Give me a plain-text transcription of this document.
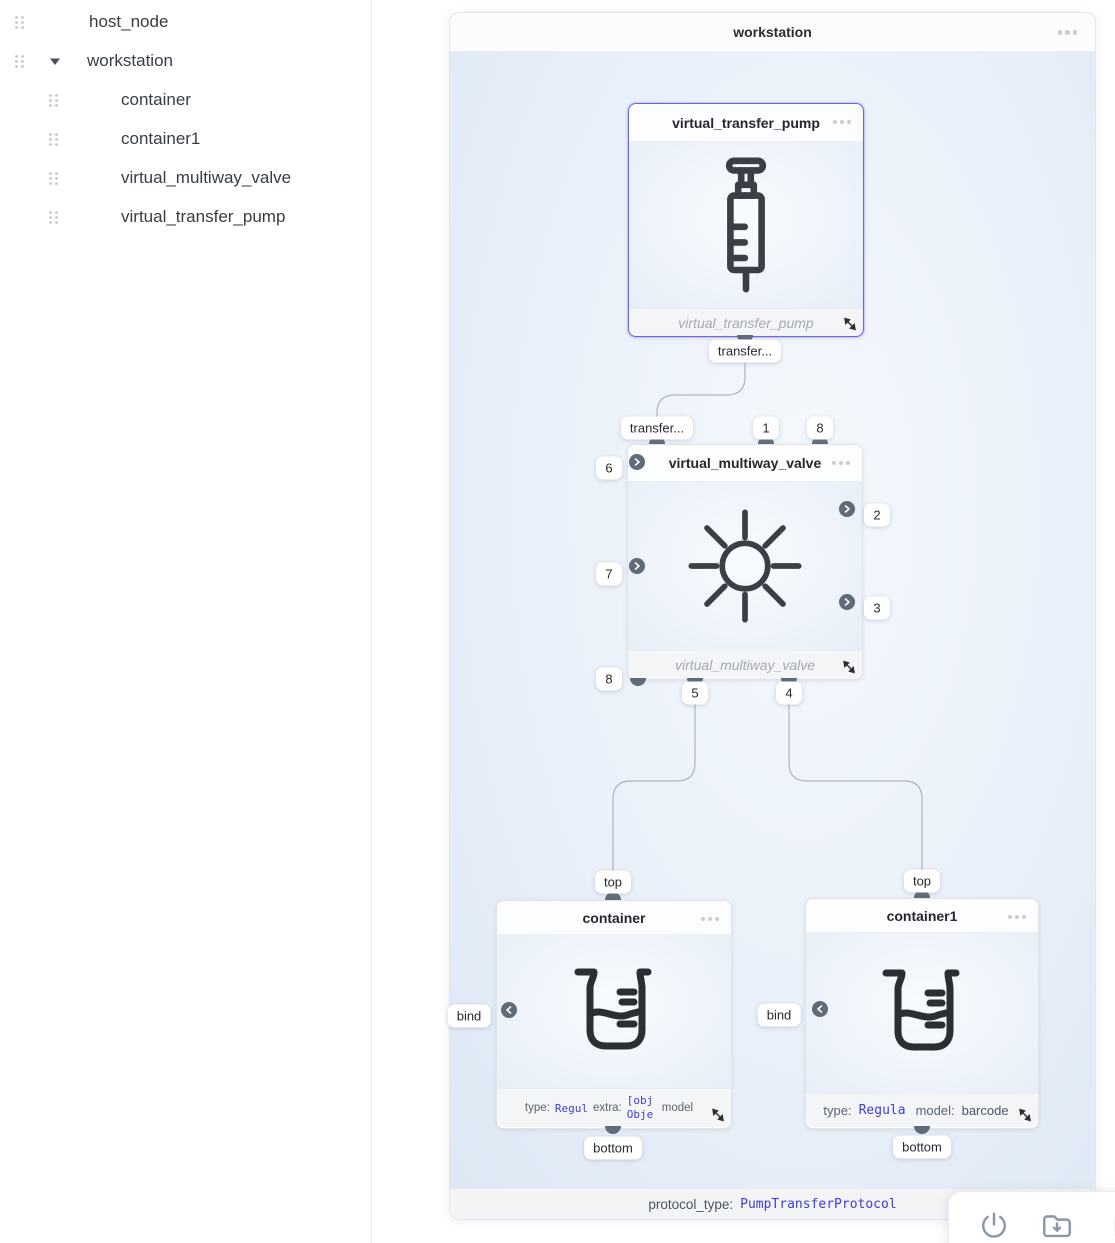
host_node
workstation
container
container1
virtual_multiway_valve
virtual_transfer_pump
workstation
protocol_type: PumpTransferProtocol
virtual_transfer_pump
virtual_transfer_pump
virtual_multiway_valve
virtual_multiway_valve
container
type: Regul extra:
[obj Obje model
container1
type: Regula model: barcode
transfer...
transfer...	1	8
6
7
2
3
8
5	4
top
bind
bottom
top
bind
bottom
